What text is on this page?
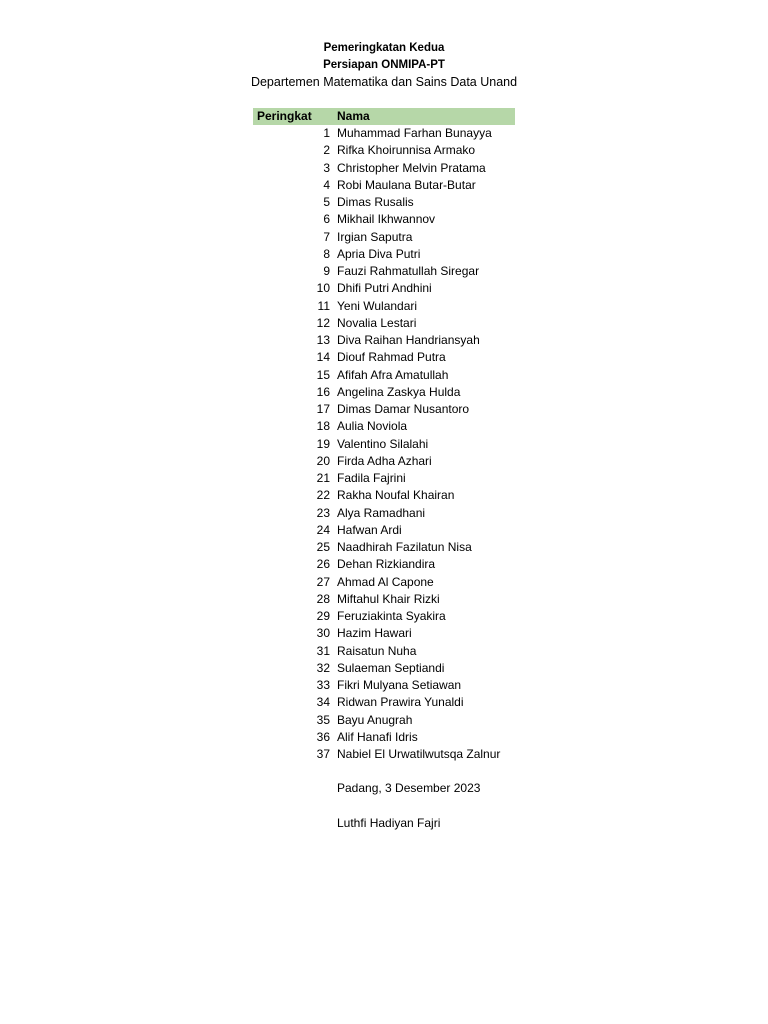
Pemeringkatan Kedua
Persiapan ONMIPA-PT
Departemen Matematika dan Sains Data Unand
Peringkat	Nama
1 Muhammad Farhan Bunayya
2 Rifka Khoirunnisa Armako
3 Christopher Melvin Pratama
4 Robi Maulana Butar-Butar
5 Dimas Rusalis
6 Mikhail Ikhwannov
7 Irgian Saputra
8 Apria Diva Putri
9 Fauzi Rahmatullah Siregar
10 Dhifi Putri Andhini
11 Yeni Wulandari
12 Novalia Lestari
13 Diva Raihan Handriansyah
14 Diouf Rahmad Putra
15 Afifah Afra Amatullah
16 Angelina Zaskya Hulda
17 Dimas Damar Nusantoro
18 Aulia Noviola
19 Valentino Silalahi
20 Firda Adha Azhari
21 Fadila Fajrini
22 Rakha Noufal Khairan
23 Alya Ramadhani
24 Hafwan Ardi
25 Naadhirah Fazilatun Nisa
26 Dehan Rizkiandira
27 Ahmad Al Capone
28 Miftahul Khair Rizki
29 Feruziakinta Syakira
30 Hazim Hawari
31 Raisatun Nuha
32 Sulaeman Septiandi
33 Fikri Mulyana Setiawan
34 Ridwan Prawira Yunaldi
35 Bayu Anugrah
36 Alif Hanafi Idris
37 Nabiel El Urwatilwutsqa Zalnur
Padang, 3 Desember 2023
Luthfi Hadiyan Fajri
